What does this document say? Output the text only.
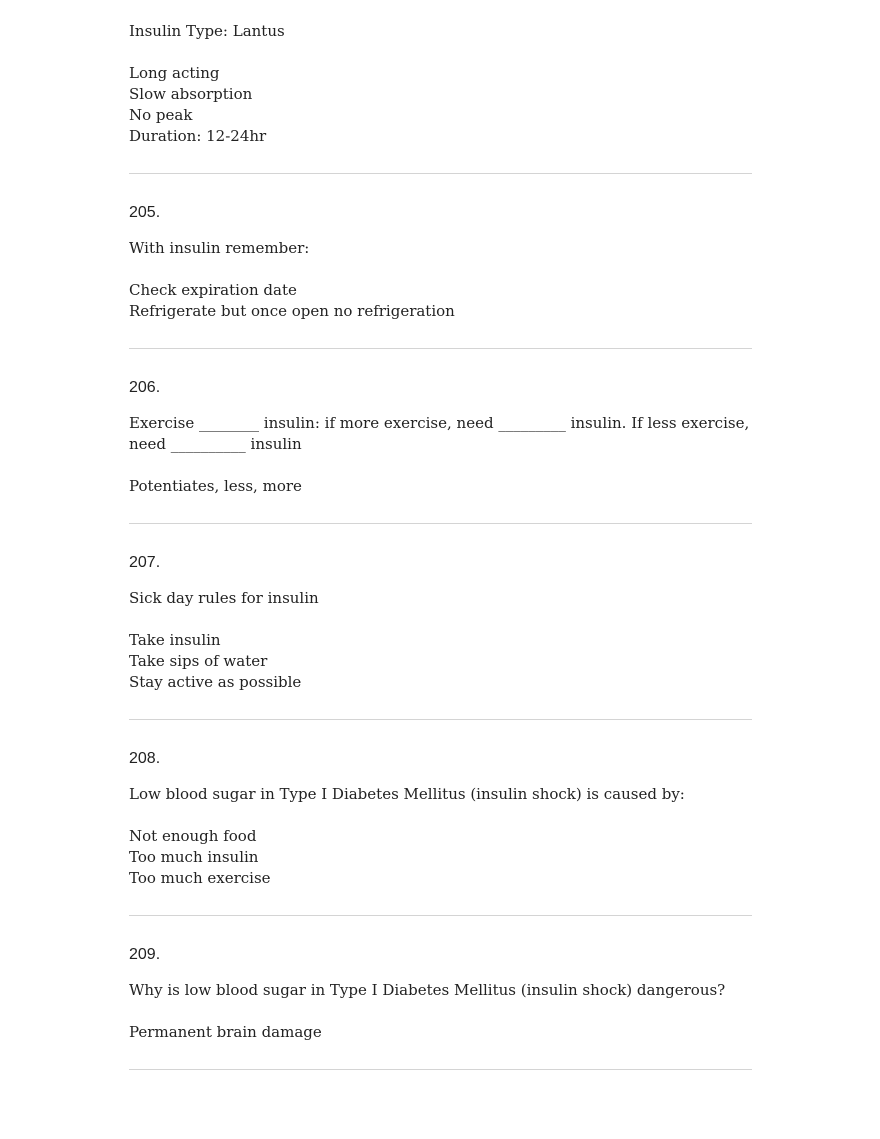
Insulin Type: Lantus

Long acting
Slow absorption
No peak
Duration: 12-24hr

205.

With insulin remember:

Check expiration date
Refrigerate but once open no refrigeration

206.

Exercise ________ insulin: if more exercise, need _________ insulin. If less exercise, need __________ insulin

Potentiates, less, more

207.

Sick day rules for insulin

Take insulin
Take sips of water
Stay active as possible

208.

Low blood sugar in Type I Diabetes Mellitus (insulin shock) is caused by:

Not enough food
Too much insulin
Too much exercise

209.

Why is low blood sugar in Type I Diabetes Mellitus (insulin shock) dangerous?

Permanent brain damage
